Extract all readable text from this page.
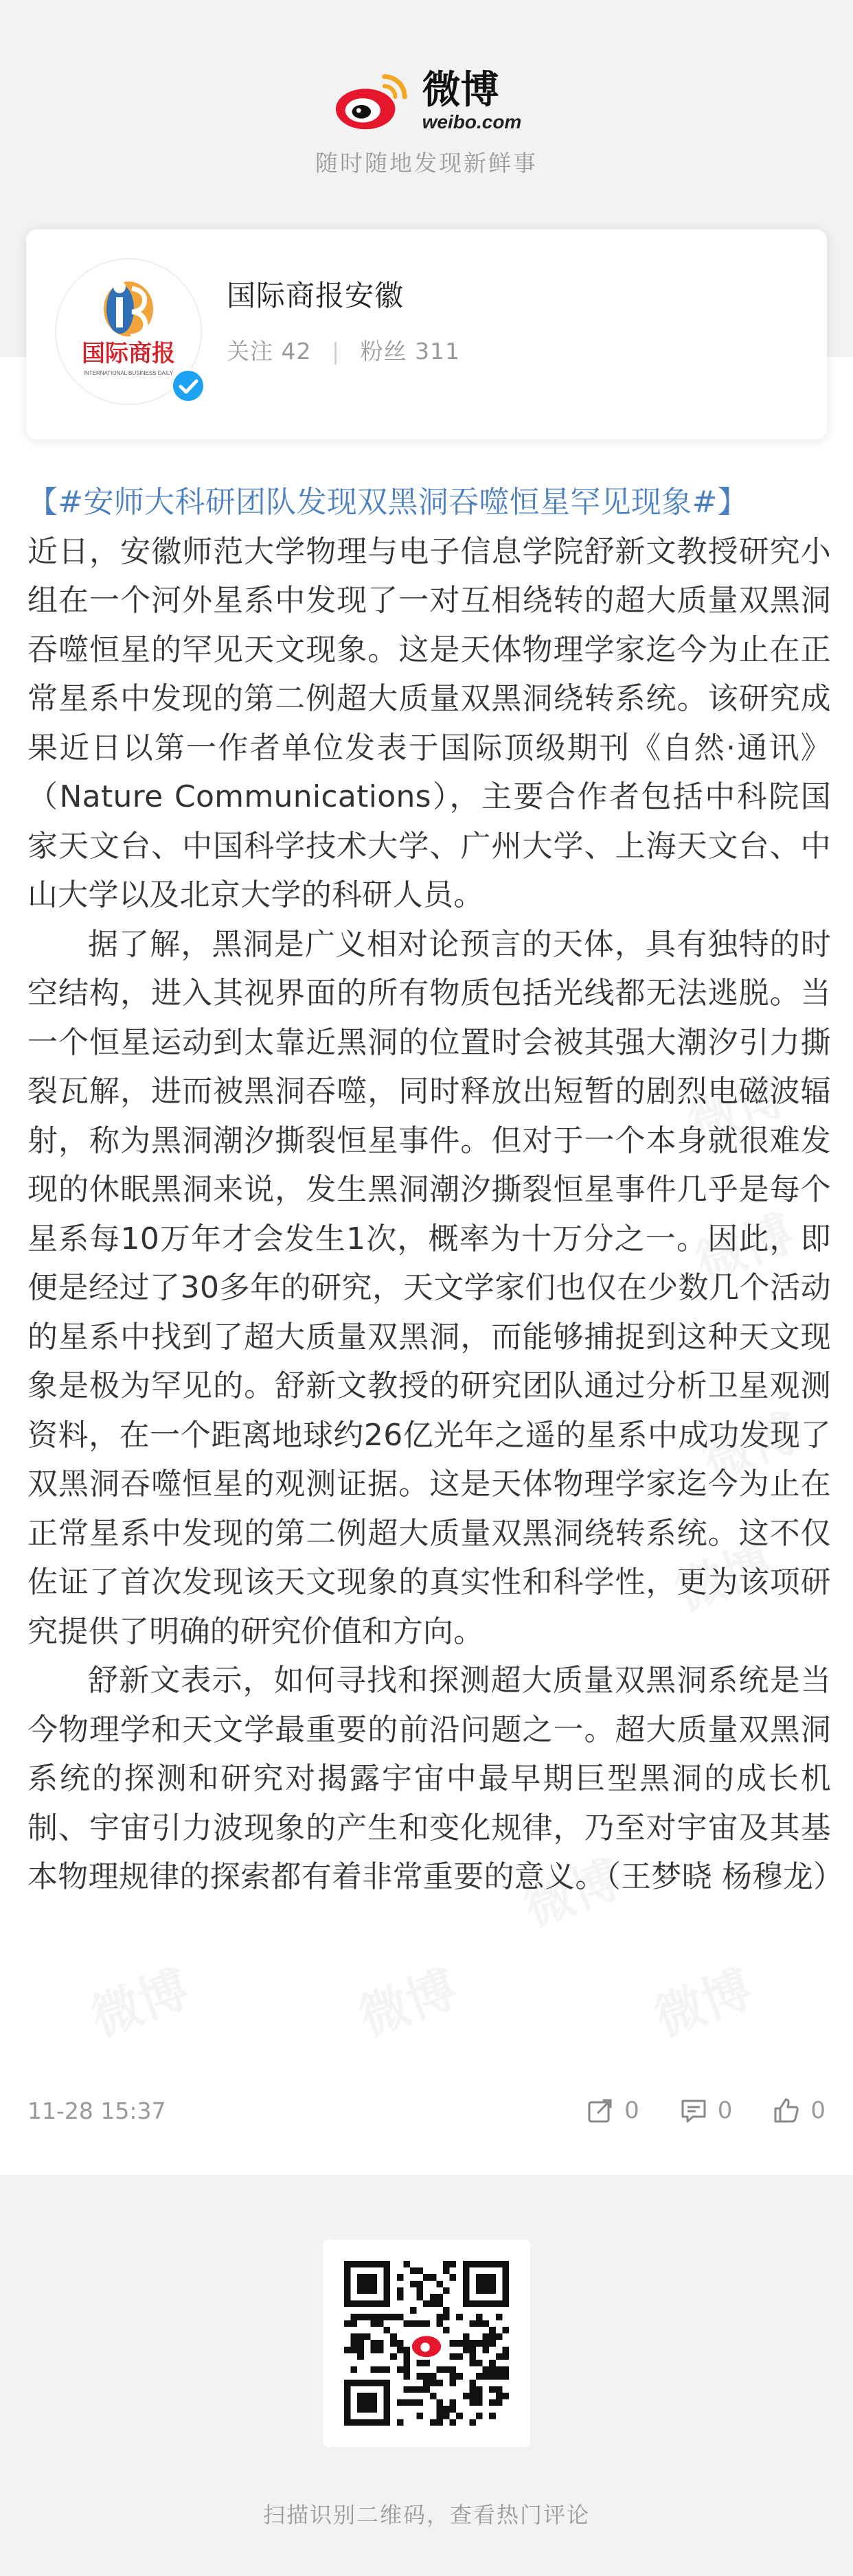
微博
weibo.com
随时随地发现新鲜事
国际商报
INTERNATIONAL BUSINESS DAILY
国际商报安徽
关注 42 | 粉丝 311

【#安师大科研团队发现双黑洞吞噬恒星罕见现象#】

近日，安徽师范大学物理与电子信息学院舒新文教授研究小组在一个河外星系中发现了一对互相绕转的超大质量双黑洞吞噬恒星的罕见天文现象。这是天体物理学家迄今为止在正常星系中发现的第二例超大质量双黑洞绕转系统。该研究成果近日以第一作者单位发表于国际顶级期刊《自然·通讯》（Nature Communications），主要合作者包括中科院国家天文台、中国科学技术大学、广州大学、上海天文台、中山大学以及北京大学的科研人员。

据了解，黑洞是广义相对论预言的天体，具有独特的时空结构，进入其视界面的所有物质包括光线都无法逃脱。当一个恒星运动到太靠近黑洞的位置时会被其强大潮汐引力撕裂瓦解，进而被黑洞吞噬，同时释放出短暂的剧烈电磁波辐射，称为黑洞潮汐撕裂恒星事件。但对于一个本身就很难发现的休眠黑洞来说，发生黑洞潮汐撕裂恒星事件几乎是每个星系每10万年才会发生1次，概率为十万分之一。因此，即便是经过了30多年的研究，天文学家们也仅在少数几个活动的星系中找到了超大质量双黑洞，而能够捕捉到这种天文现象是极为罕见的。舒新文教授的研究团队通过分析卫星观测资料，在一个距离地球约26亿光年之遥的星系中成功发现了双黑洞吞噬恒星的观测证据。这是天体物理学家迄今为止在正常星系中发现的第二例超大质量双黑洞绕转系统。这不仅佐证了首次发现该天文现象的真实性和科学性，更为该项研究提供了明确的研究价值和方向。

舒新文表示，如何寻找和探测超大质量双黑洞系统是当今物理学和天文学最重要的前沿问题之一。超大质量双黑洞系统的探测和研究对揭露宇宙中最早期巨型黑洞的成长机制、宇宙引力波现象的产生和变化规律，乃至对宇宙及其基本物理规律的探索都有着非常重要的意义。（王梦晓 杨穆龙）

11-28 15:37	0	0	0
扫描识别二维码，查看热门评论
